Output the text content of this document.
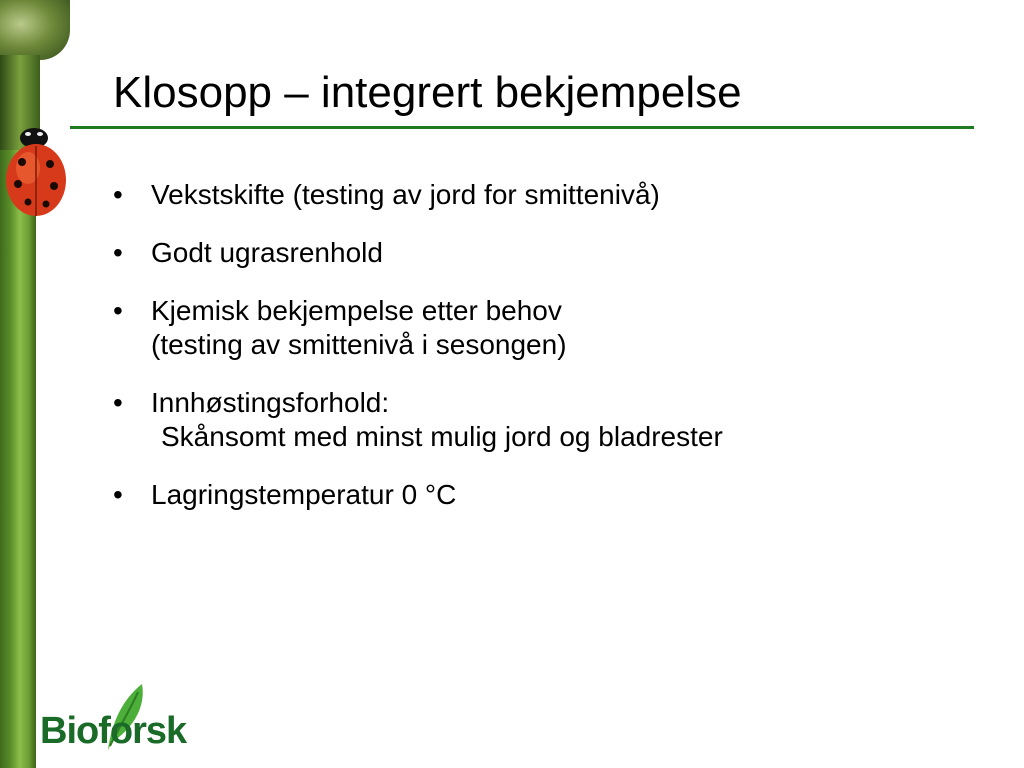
Klosopp – integrert bekjempelse
• Vekstskifte (testing av jord for smittenivå)
• Godt ugrasrenhold
• Kjemisk bekjempelse etter behov
(testing av smittenivå i sesongen)
• Innhøstingsforhold:
Skånsomt med minst mulig jord og bladrester
• Lagringstemperatur 0 °C
Bioforsk
